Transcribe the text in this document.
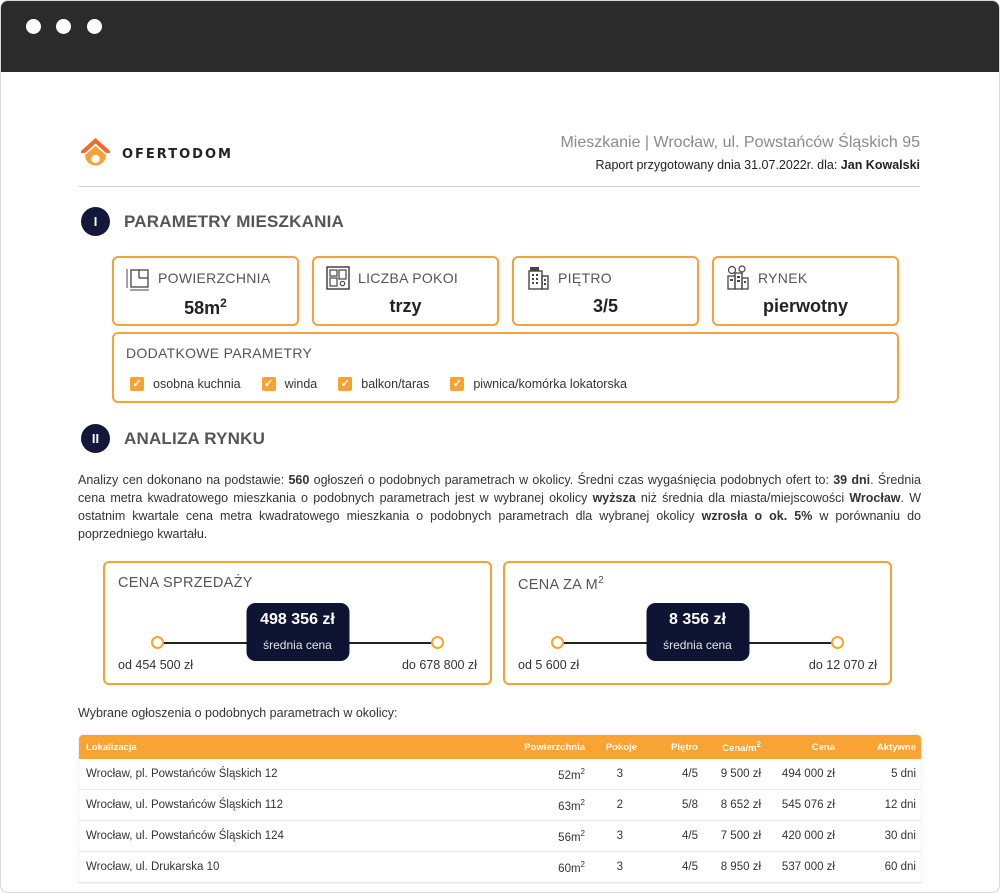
OFERTODOM
Mieszkanie | Wrocław, ul. Powstańców Śląskich 95
Raport przygotowany dnia 31.07.2022r. dla: Jan Kowalski
I	PARAMETRY MIESZKANIA
POWIERZCHNIA
$58m^2$
LICZBA POKOI
trzy
PIĘTRO
3/5
RYNEK
pierwotny
DODATKOWE PARAMETRY
✓ osobna kuchnia ✓ winda ✓ balkon/taras ✓ piwnica/komórka lokatorska
II	ANALIZA RYNKU
Analizy cen dokonano na podstawie: 560 ogłoszeń o podobnych parametrach w okolicy. Średni czas wygaśnięcia podobnych ofert to: 39 dni. Średnia cena metra kwadratowego mieszkania o podobnych parametrach jest w wybranej okolicy wyższa niż średnia dla miasta/miejscowości Wrocław. W ostatnim kwartale cena metra kwadratowego mieszkania o podobnych parametrach dla wybranej okolicy wzrosła o ok. 5% w porównaniu do poprzedniego kwartału.
CENA SPRZEDAŻY
498 356 zł
średnia cena
od 454 500 zł	do 678 800 zł
CENA ZA $M^2$
8 356 zł
średnia cena
od 5 600 zł	do 12 070 zł
Wybrane ogłoszenia o podobnych parametrach w okolicy:
Lokalizacja	Powierzchnia	Pokoje	Piętro	Cena/$m^2$	Cena	Aktywne
Wrocław, pl. Powstańców Śląskich 12	$52m^2$	3	4/5	9 500 zł	494 000 zł	5 dni
Wrocław, ul. Powstańców Śląskich 112	$63m^2$	2	5/8	8 652 zł	545 076 zł	12 dni
Wrocław, ul. Powstańców Śląskich 124	$56m^2$	3	4/5	7 500 zł	420 000 zł	30 dni
Wrocław, ul. Drukarska 10	$60m^2$	3	4/5	8 950 zł	537 000 zł	60 dni
